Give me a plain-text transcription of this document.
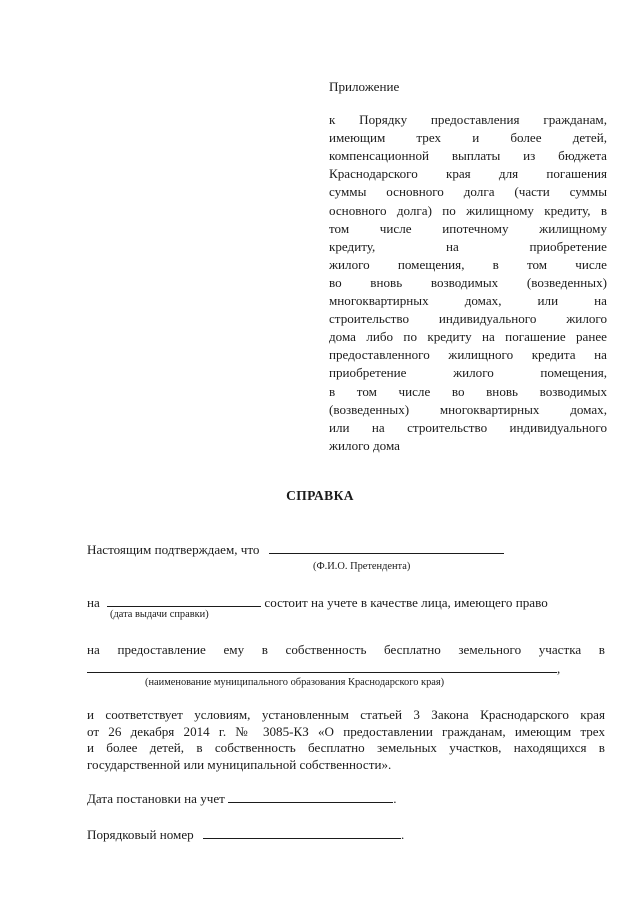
Приложение
к Порядку предоставления гражданам,
имеющим трех и более детей,
компенсационной выплаты из бюджета
Краснодарского края для погашения
суммы основного долга (части суммы
основного долга) по жилищному кредиту, в
том числе ипотечному жилищному
кредиту, на приобретение
жилого помещения, в том числе
во вновь возводимых (возведенных)
многоквартирных домах, или на
строительство индивидуального жилого
дома либо по кредиту на погашение ранее
предоставленного жилищного кредита на
приобретение жилого помещения,
в том числе во вновь возводимых
(возведенных) многоквартирных домах,
или на строительство индивидуального
жилого дома
СПРАВКА
Настоящим подтверждаем, что
(Ф.И.О. Претендента)
на	состоит на учете в качестве лица, имеющего право
(дата выдачи справки)
на предоставление ему в собственность бесплатно земельного участка в
,
(наименование муниципального образования Краснодарского края)
и соответствует условиям, установленным статьей 3 Закона Краснодарского края
от 26 декабря 2014 г. № 3085-КЗ «О предоставлении гражданам, имеющим трех
и более детей, в собственность бесплатно земельных участков, находящихся в
государственной или муниципальной собственности».
Дата постановки на учет	.
Порядковый номер	.
